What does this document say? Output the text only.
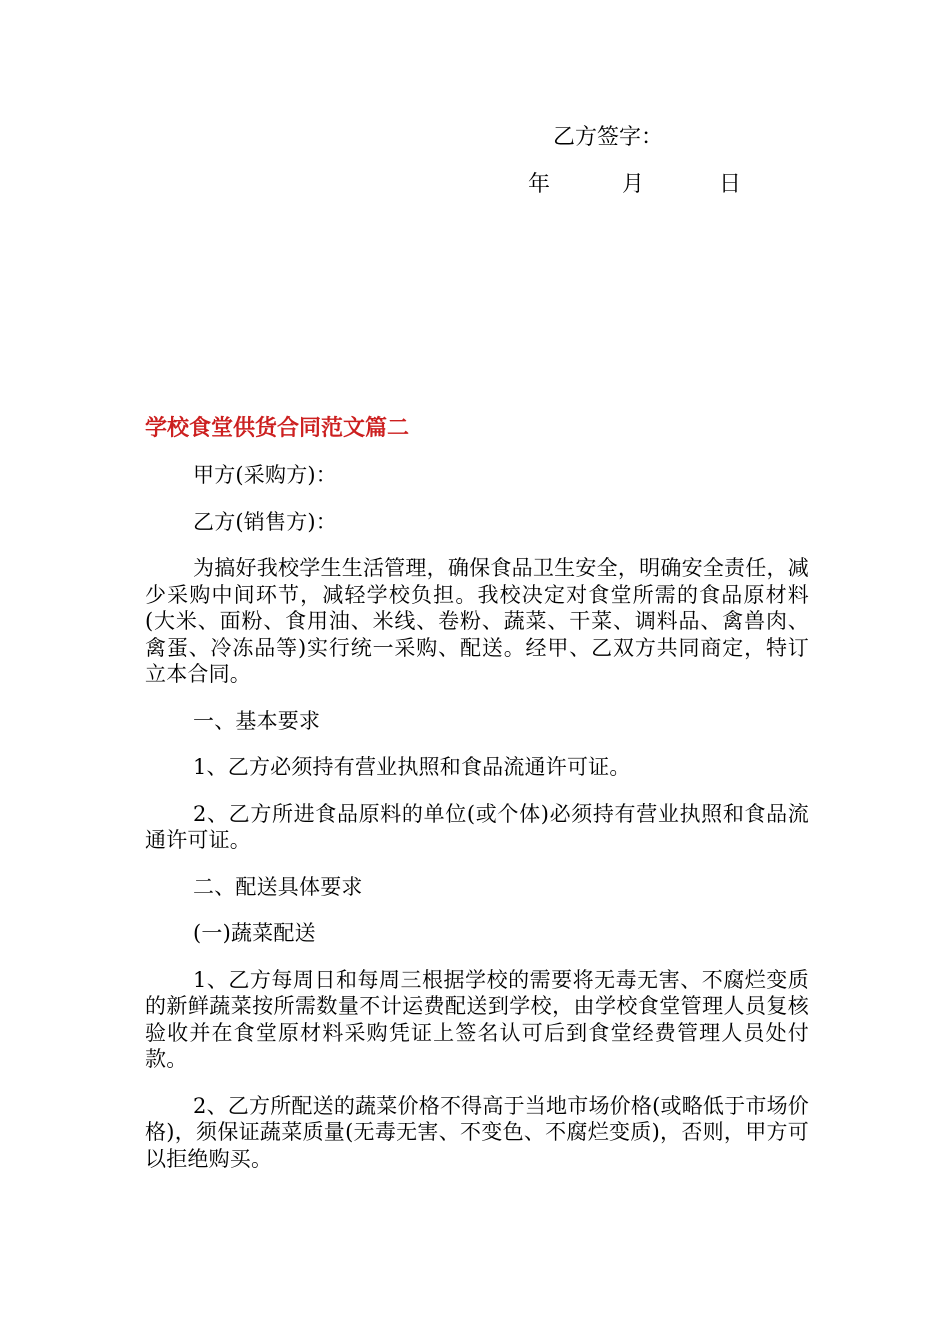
乙方签字：
年	月	日
学校食堂供货合同范文篇二

甲方(采购方)：

乙方(销售方)：

为搞好我校学生生活管理，确保食品卫生安全，明确安全责任，减少采购中间环节，减轻学校负担。我校决定对食堂所需的食品原材料(大米、面粉、食用油、米线、卷粉、蔬菜、干菜、调料品、禽兽肉、禽蛋、冷冻品等)实行统一采购、配送。经甲、乙双方共同商定，特订立本合同。

一、基本要求

1、乙方必须持有营业执照和食品流通许可证。

2、乙方所进食品原料的单位(或个体)必须持有营业执照和食品流通许可证。

二、配送具体要求

(一)蔬菜配送

1、乙方每周日和每周三根据学校的需要将无毒无害、不腐烂变质的新鲜蔬菜按所需数量不计运费配送到学校，由学校食堂管理人员复核验收并在食堂原材料采购凭证上签名认可后到食堂经费管理人员处付款。

2、乙方所配送的蔬菜价格不得高于当地市场价格(或略低于市场价格)，须保证蔬菜质量(无毒无害、不变色、不腐烂变质)，否则，甲方可以拒绝购买。
